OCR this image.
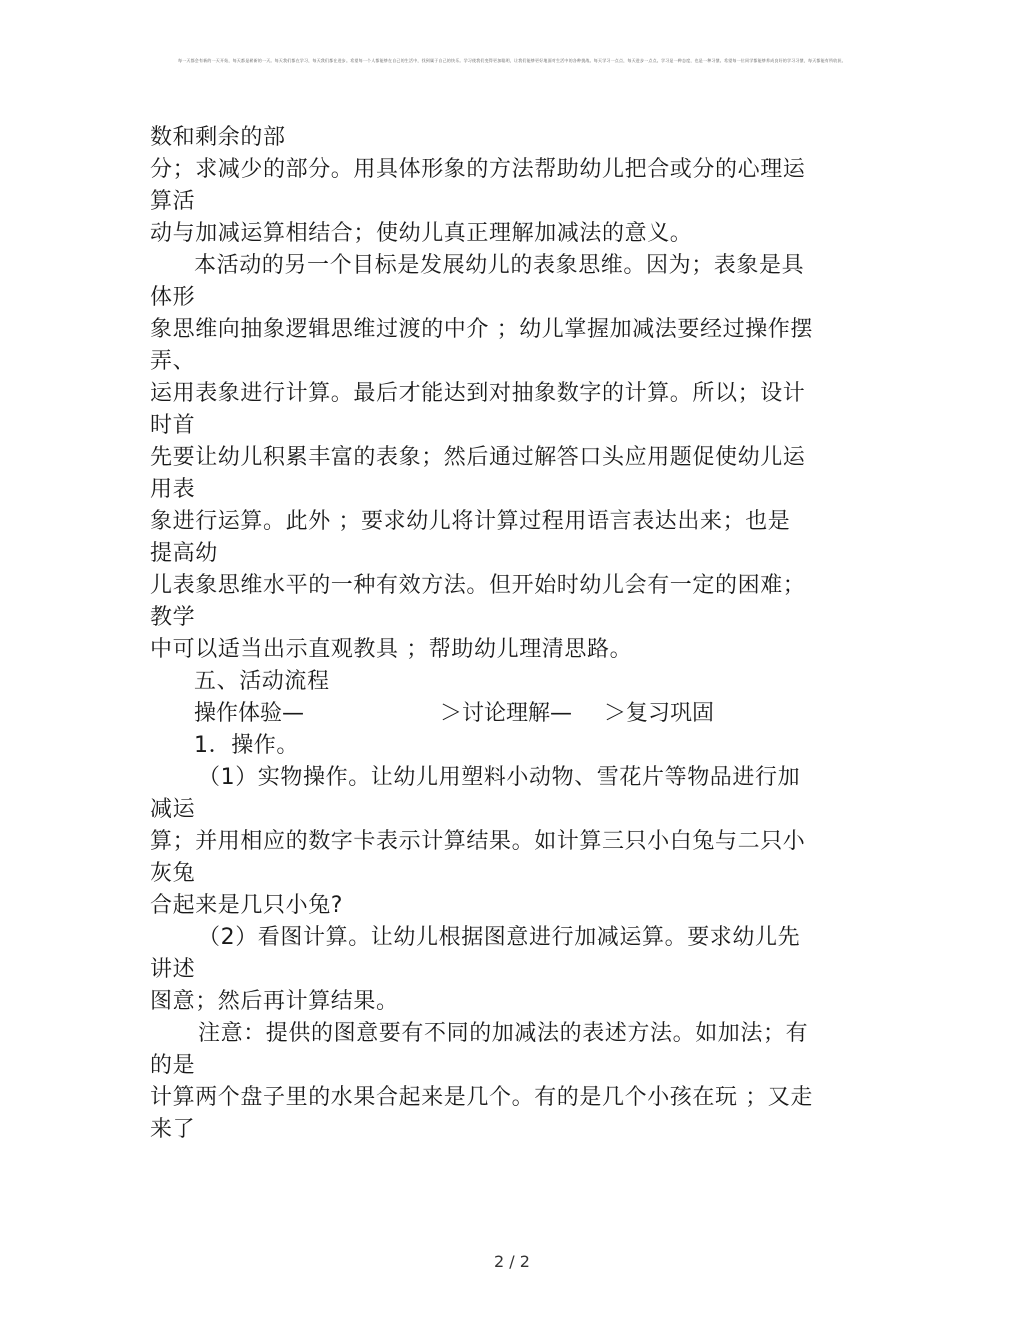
每一天都会有新的一天开始，每天都是崭新的一天。每天我们都在学习，每天我们都在进步。希望每一个人都能够在自己的生活中，找到属于自己的快乐。学习使我们变得更加聪明，让我们能够更好地面对生活中的各种挑战。每天学习一点点，每天进步一点点。学习是一种态度，也是一种习惯。希望每一位同学都能够养成良好的学习习惯，每天都能有所收获。
数和剩余的部
分；求减少的部分。用具体形象的方法帮助幼儿把合或分的心理运
算活
动与加减运算相结合；使幼儿真正理解加减法的意义。
本活动的另一个目标是发展幼儿的表象思维。因为；表象是具
体形
象思维向抽象逻辑思维过渡的中介 ；幼儿掌握加减法要经过操作摆
弄、
运用表象进行计算。最后才能达到对抽象数字的计算。所以；设计
时首
先要让幼儿积累丰富的表象；然后通过解答口头应用题促使幼儿运
用表
象进行运算。此外 ；要求幼儿将计算过程用语言表达出来；也是
提高幼
儿表象思维水平的一种有效方法。但开始时幼儿会有一定的困难；
教学
中可以适当出示直观教具 ；帮助幼儿理清思路。
五、活动流程
操作体验—	＞讨论理解—	＞复习巩固
1．操作。
（1）实物操作。让幼儿用塑料小动物、雪花片等物品进行加
减运
算；并用相应的数字卡表示计算结果。如计算三只小白兔与二只小
灰兔
合起来是几只小兔?
（2）看图计算。让幼儿根据图意进行加减运算。要求幼儿先
讲述
图意；然后再计算结果。
注意：提供的图意要有不同的加减法的表述方法。如加法；有
的是
计算两个盘子里的水果合起来是几个。有的是几个小孩在玩 ；又走
来了
2 / 2
